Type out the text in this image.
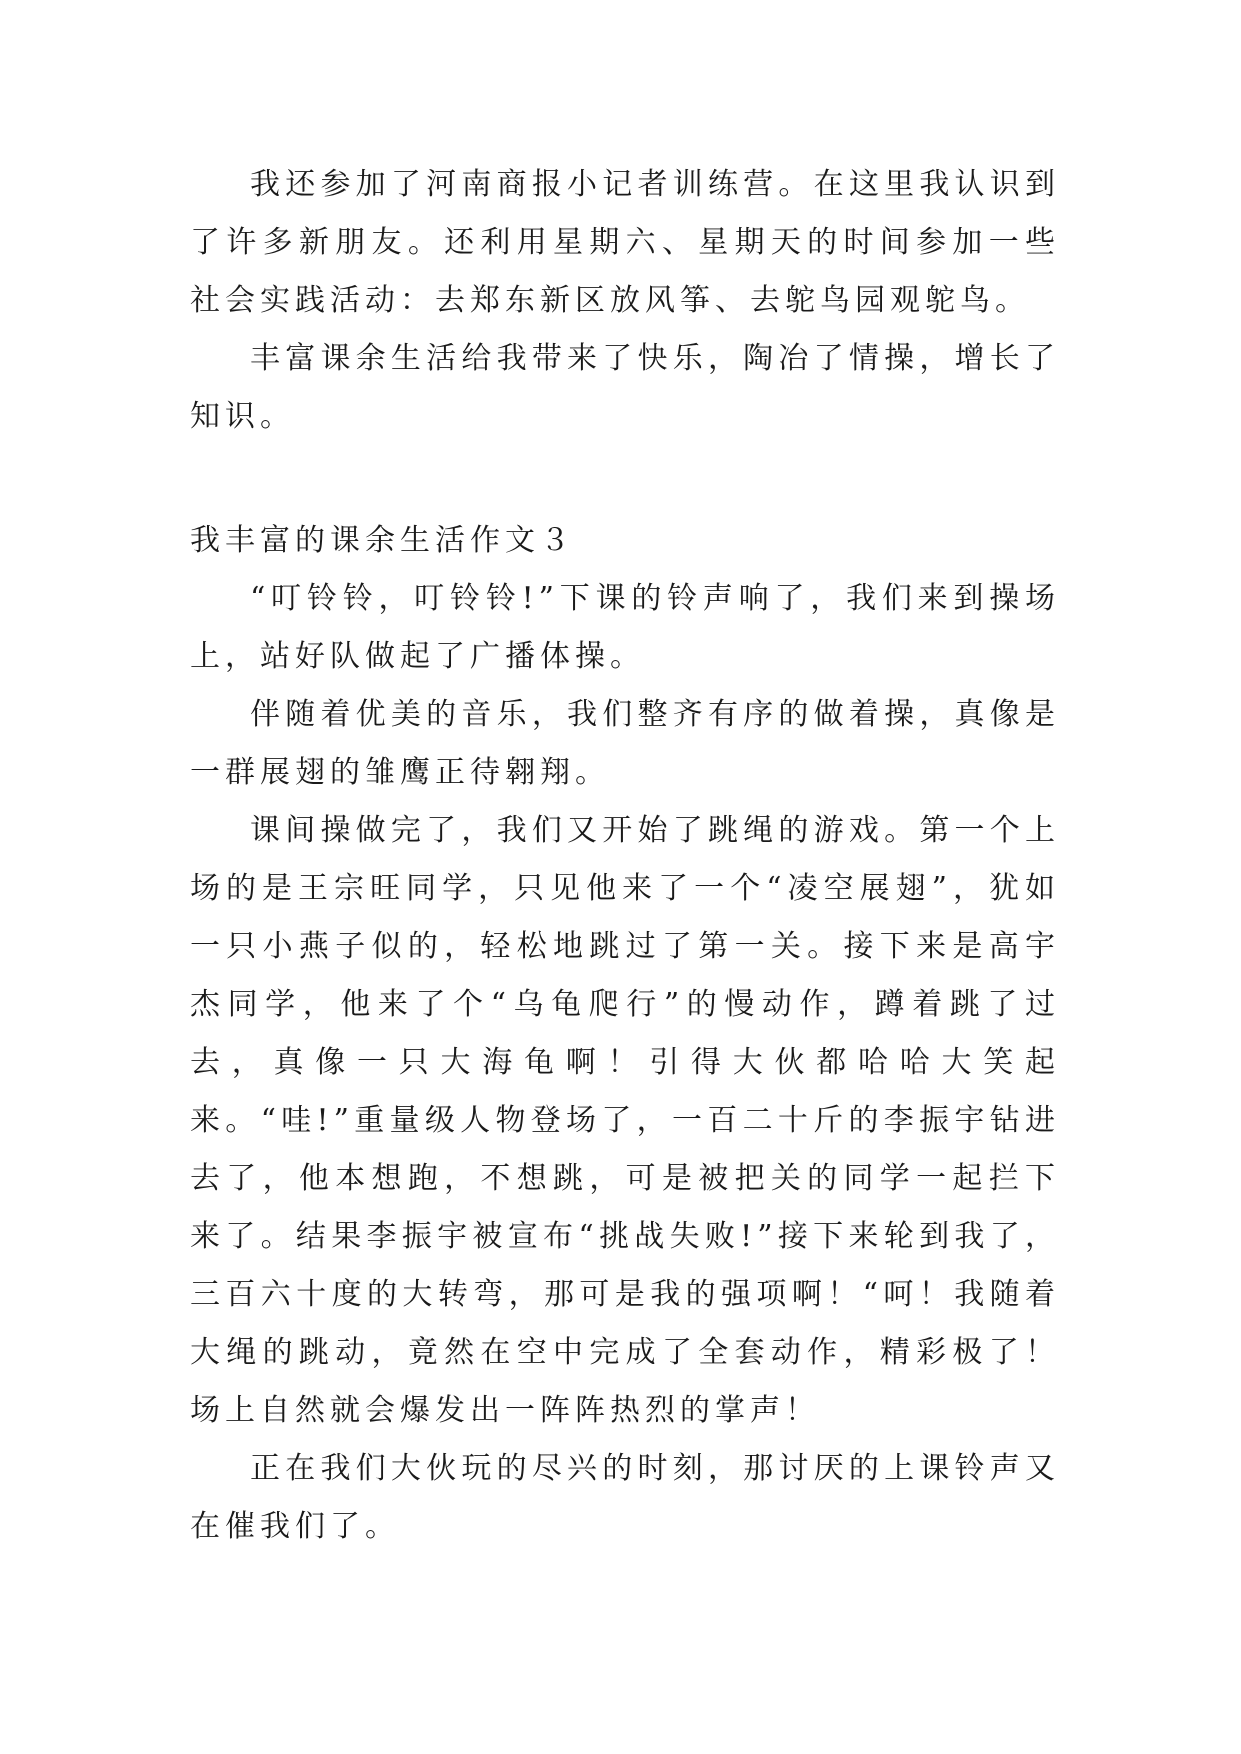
我还参加了河南商报小记者训练营。在这里我认识到了许多新朋友。还利用星期六、星期天的时间参加一些社会实践活动：去郑东新区放风筝、去鸵鸟园观鸵鸟。

丰富课余生活给我带来了快乐，陶冶了情操，增长了知识。

我丰富的课余生活作文３

“叮铃铃，叮铃铃!”下课的铃声响了，我们来到操场上，站好队做起了广播体操。

伴随着优美的音乐，我们整齐有序的做着操，真像是一群展翅的雏鹰正待翱翔。

课间操做完了，我们又开始了跳绳的游戏。第一个上场的是王宗旺同学，只见他来了一个“凌空展翅”，犹如一只小燕子似的，轻松地跳过了第一关。接下来是高宇杰同学，他来了个“乌龟爬行”的慢动作，蹲着跳了过去，真像一只大海龟啊！引得大伙都哈哈大笑起来。“哇!”重量级人物登场了，一百二十斤的李振宇钻进去了，他本想跑，不想跳，可是被把关的同学一起拦下来了。结果李振宇被宣布“挑战失败!”接下来轮到我了，三百六十度的大转弯，那可是我的强项啊！“呵！我随着大绳的跳动，竟然在空中完成了全套动作，精彩极了！场上自然就会爆发出一阵阵热烈的掌声！

正在我们大伙玩的尽兴的时刻，那讨厌的上课铃声又在催我们了。
